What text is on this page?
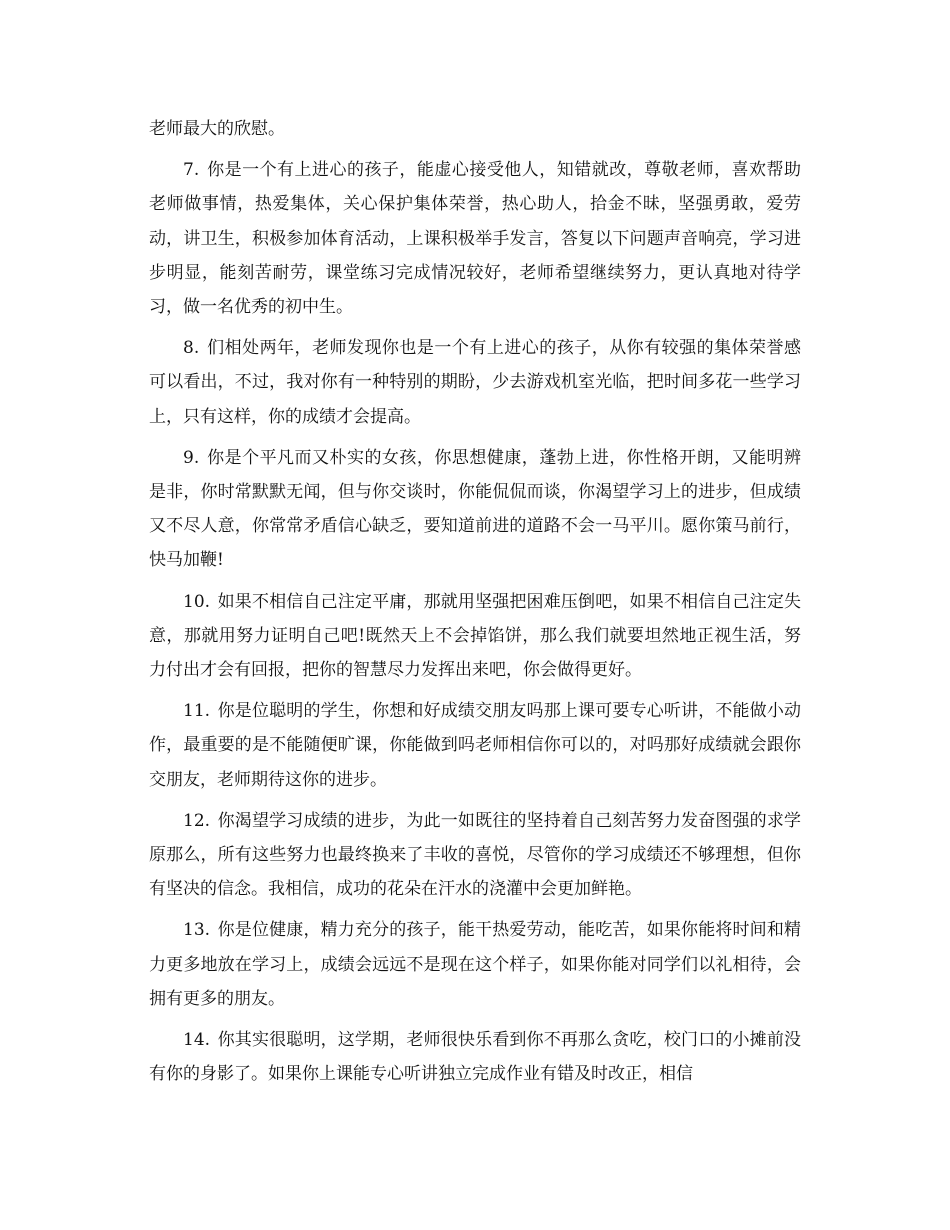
老师最大的欣慰。

7. 你是一个有上进心的孩子，能虚心接受他人，知错就改，尊敬老师，喜欢帮助老师做事情，热爱集体，关心保护集体荣誉，热心助人，拾金不昧，坚强勇敢，爱劳动，讲卫生，积极参加体育活动，上课积极举手发言，答复以下问题声音响亮，学习进步明显，能刻苦耐劳，课堂练习完成情况较好，老师希望继续努力，更认真地对待学习，做一名优秀的初中生。

8. 们相处两年，老师发现你也是一个有上进心的孩子，从你有较强的集体荣誉感可以看出，不过，我对你有一种特别的期盼，少去游戏机室光临，把时间多花一些学习上，只有这样，你的成绩才会提高。

9. 你是个平凡而又朴实的女孩，你思想健康，蓬勃上进，你性格开朗，又能明辨是非，你时常默默无闻，但与你交谈时，你能侃侃而谈，你渴望学习上的进步，但成绩又不尽人意，你常常矛盾信心缺乏，要知道前进的道路不会一马平川。愿你策马前行，快马加鞭!

10. 如果不相信自己注定平庸，那就用坚强把困难压倒吧，如果不相信自己注定失意，那就用努力证明自己吧!既然天上不会掉馅饼，那么我们就要坦然地正视生活，努力付出才会有回报，把你的智慧尽力发挥出来吧，你会做得更好。

11. 你是位聪明的学生，你想和好成绩交朋友吗那上课可要专心听讲，不能做小动作，最重要的是不能随便旷课，你能做到吗老师相信你可以的，对吗那好成绩就会跟你交朋友，老师期待这你的进步。

12. 你渴望学习成绩的进步，为此一如既往的坚持着自己刻苦努力发奋图强的求学原那么，所有这些努力也最终换来了丰收的喜悦，尽管你的学习成绩还不够理想，但你有坚决的信念。我相信，成功的花朵在汗水的浇灌中会更加鲜艳。

13. 你是位健康，精力充分的孩子，能干热爱劳动，能吃苦，如果你能将时间和精力更多地放在学习上，成绩会远远不是现在这个样子，如果你能对同学们以礼相待，会拥有更多的朋友。

14. 你其实很聪明，这学期，老师很快乐看到你不再那么贪吃，校门口的小摊前没有你的身影了。如果你上课能专心听讲独立完成作业有错及时改正，相信
